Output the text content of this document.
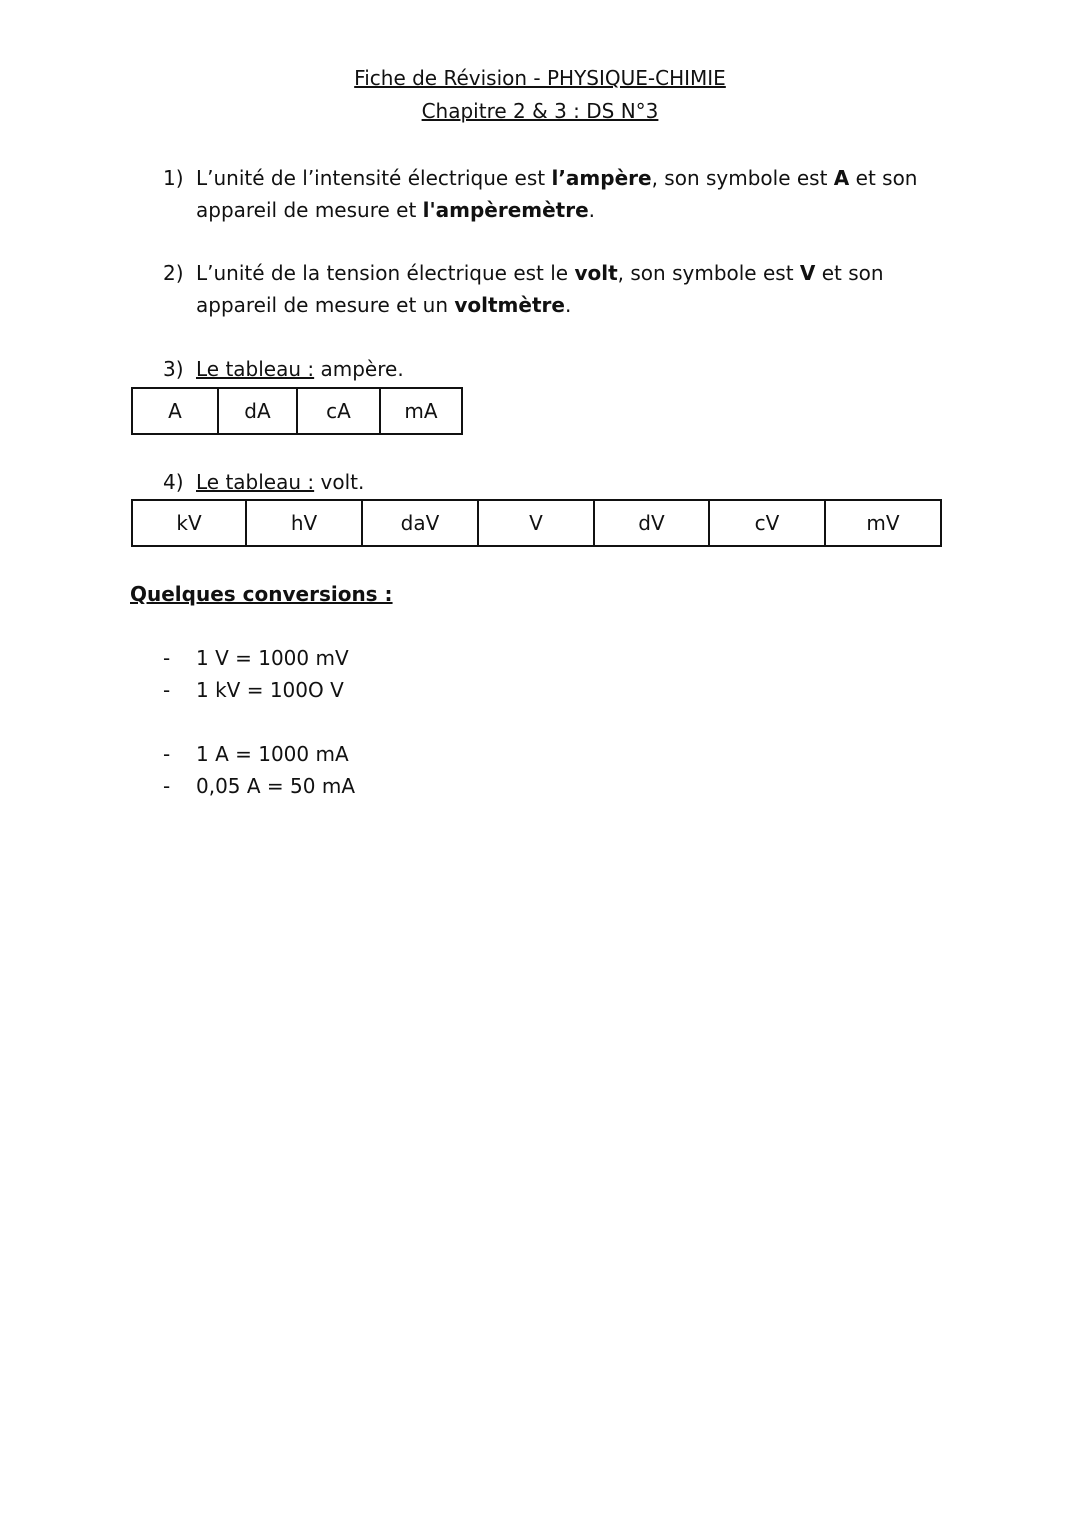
Fiche de Révision - PHYSIQUE-CHIMIE
Chapitre 2 & 3 : DS N°3
1) L’unité de l’intensité électrique est l’ampère, son symbole est A et son appareil de mesure et l'ampèremètre.
2) L’unité de la tension électrique est le volt, son symbole est V et son appareil de mesure et un voltmètre.
3) Le tableau : ampère.
A	dA	cA	mA
4) Le tableau : volt.
kV	hV	daV	V	dV	cV	mV
Quelques conversions :
- 1 V = 1000 mV
- 1 kV = 100O V
- 1 A = 1000 mA
- 0,05 A = 50 mA
